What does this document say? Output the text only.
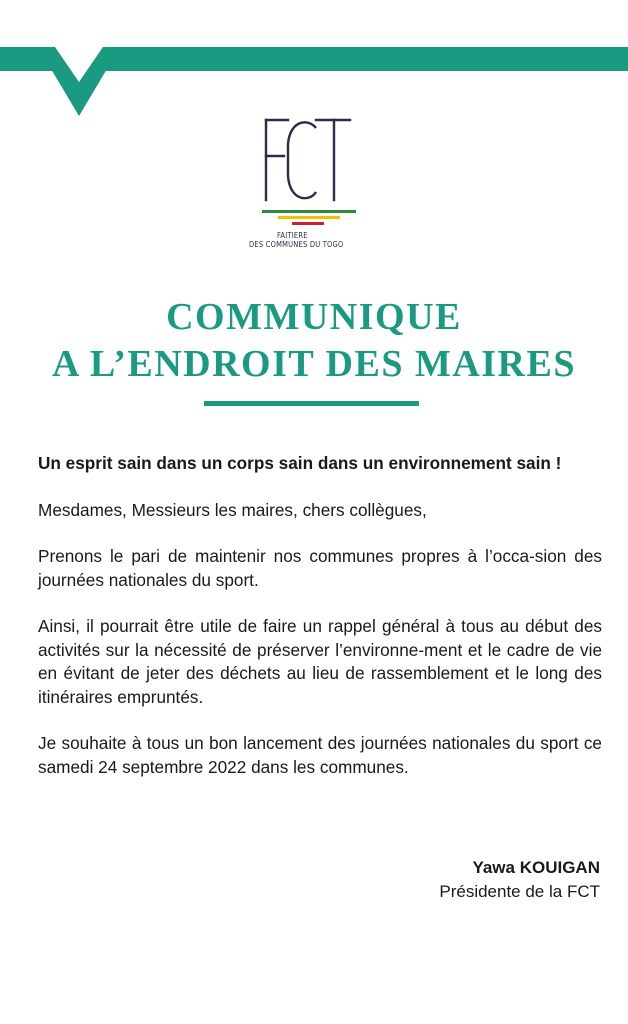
FAITIERE
DES COMMUNES DU TOGO
COMMUNIQUE
A L’ENDROIT DES MAIRES

Un esprit sain dans un corps sain dans un environnement sain !

Mesdames, Messieurs les maires, chers collègues,

Prenons le pari de maintenir nos communes propres à l’occa-sion des journées nationales du sport.

Ainsi, il pourrait être utile de faire un rappel général à tous au début des activités sur la nécessité de préserver l’environne-ment et le cadre de vie en évitant de jeter des déchets au lieu de rassemblement et le long des itinéraires empruntés.

Je souhaite à tous un bon lancement des journées nationales du sport ce samedi 24 septembre 2022 dans les communes.

Yawa KOUIGAN
Présidente de la FCT
